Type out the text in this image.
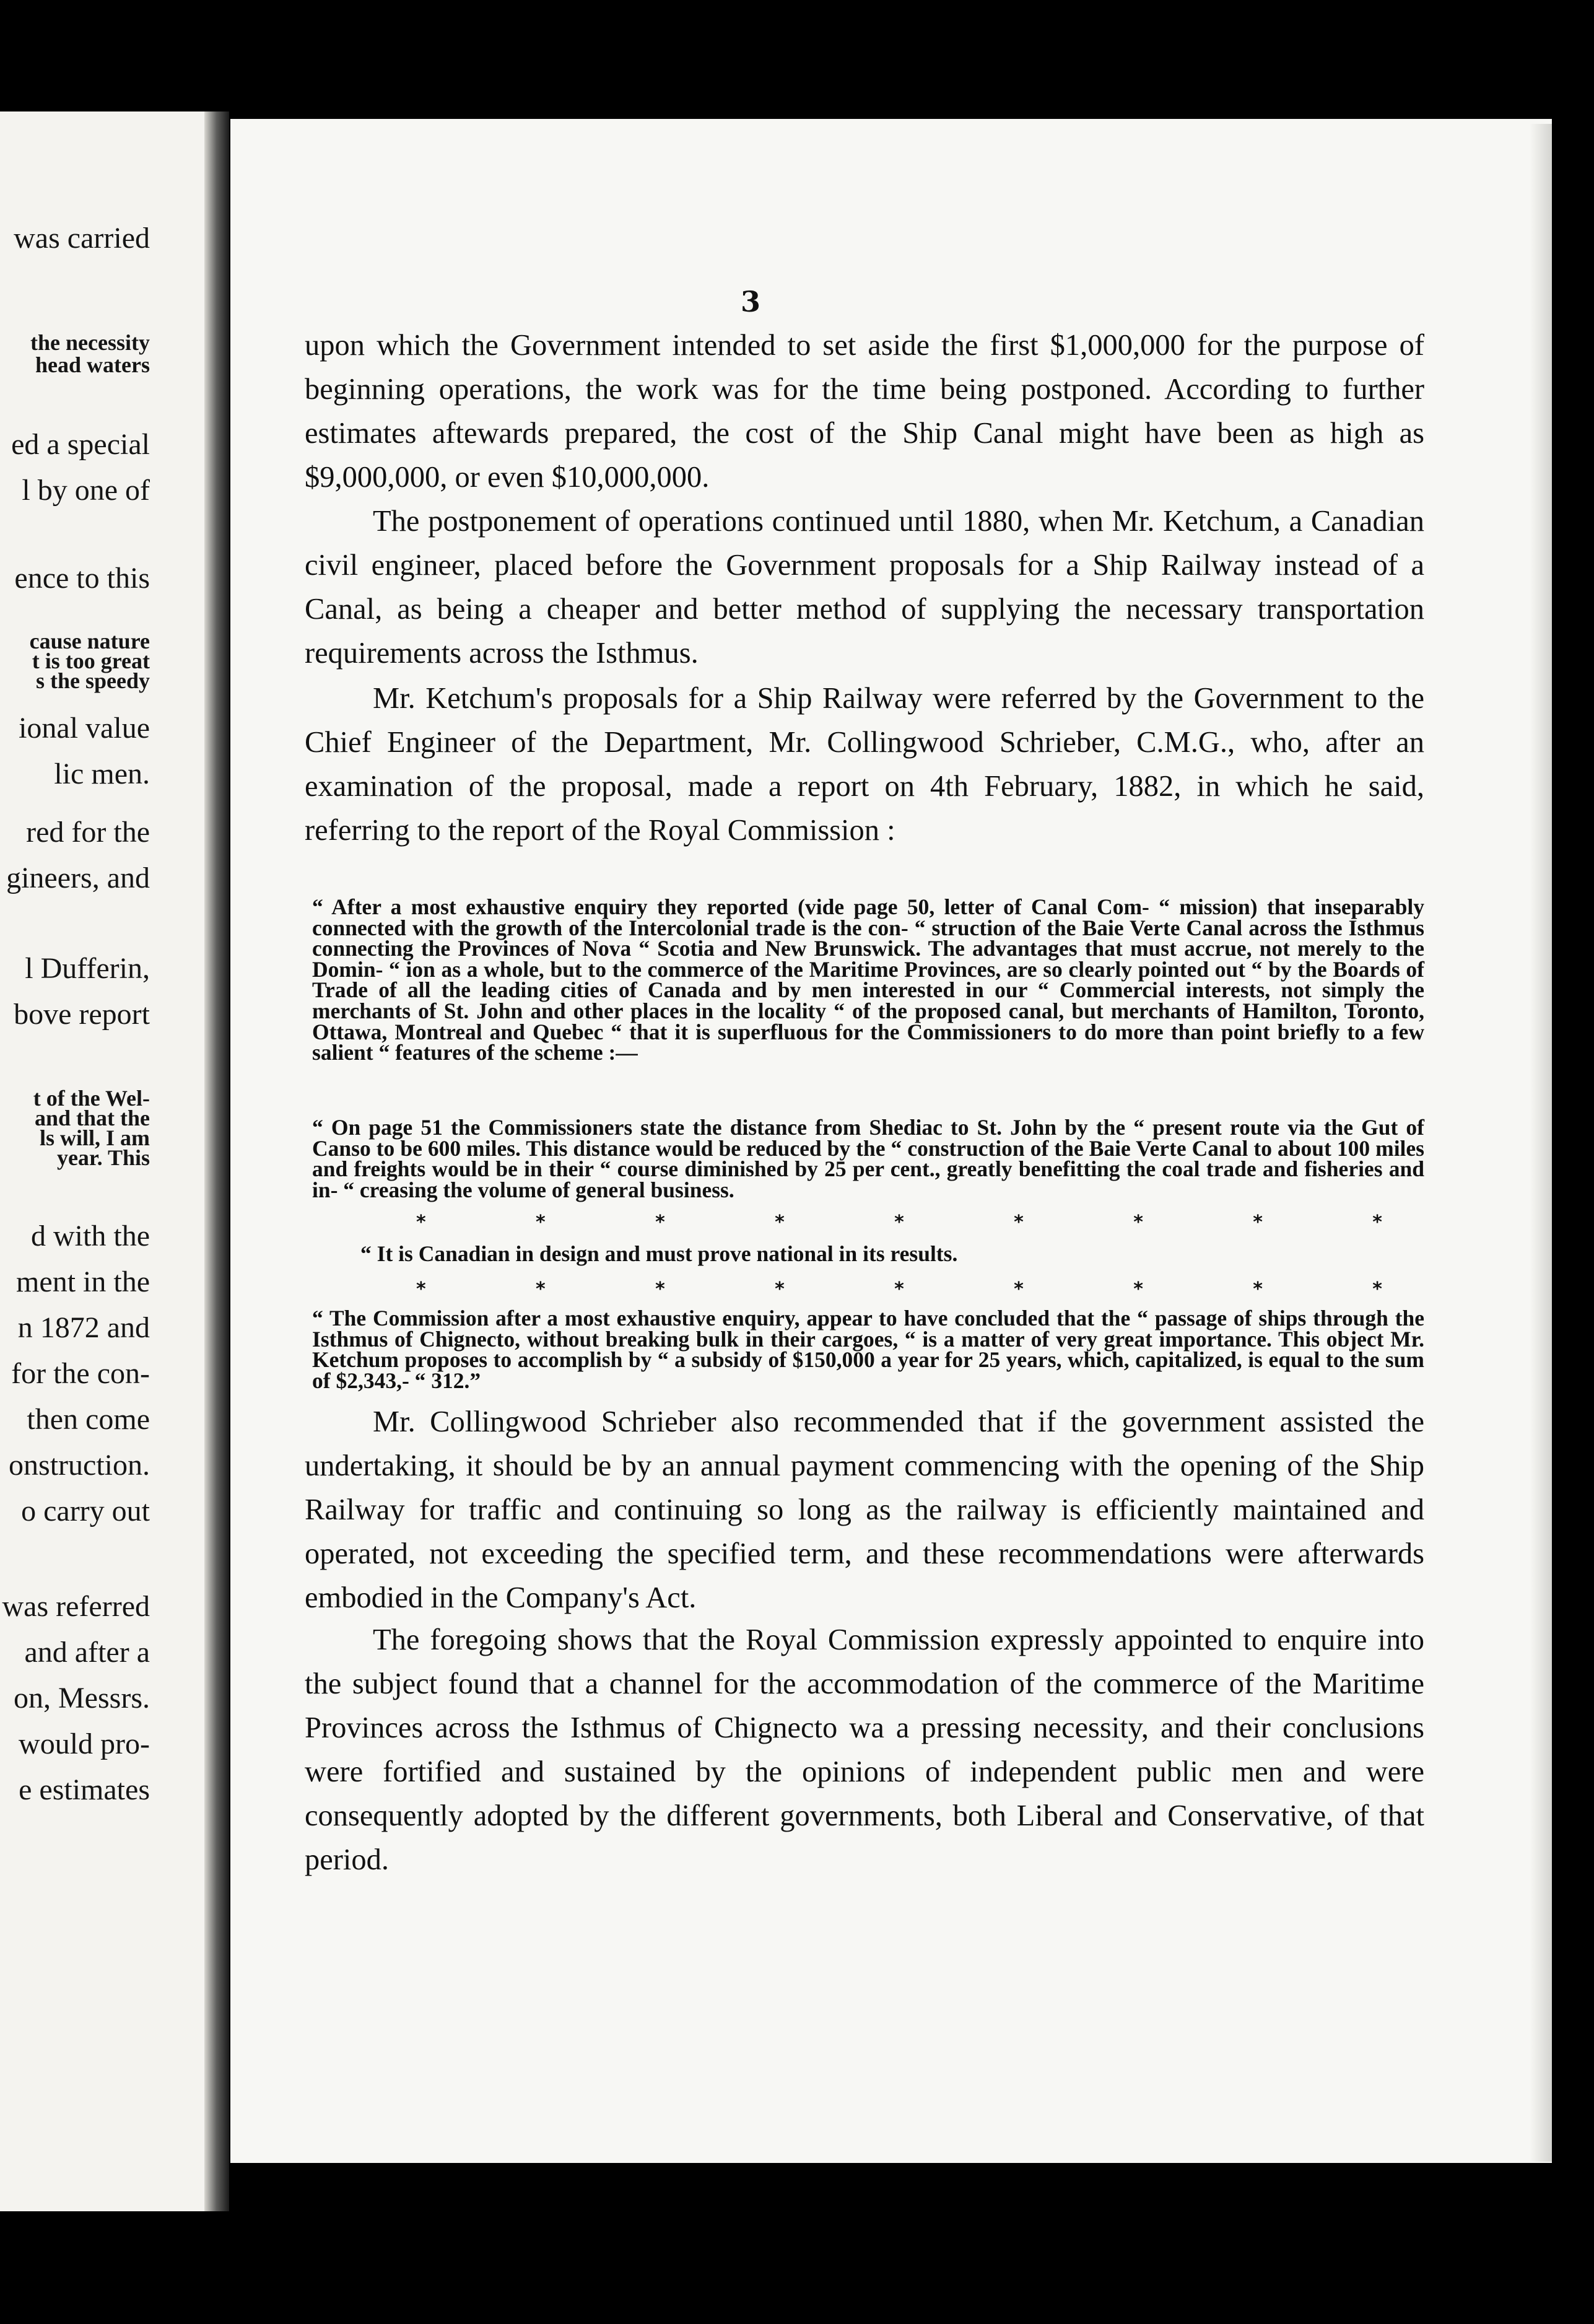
was carried
the necessity
head waters
ed a special
l by one of
ence to this
cause nature
t is too great
s the speedy
ional value
lic men.
red for the
gineers, and
l Dufferin,
bove report
t of the Wel-
and that the
ls will, I am
year. This
d with the
ment in the
n 1872 and
for the con-
then come
onstruction.
o carry out
was referred
and after a
on, Messrs.
would pro-
e estimates
3

upon which the Government intended to set aside the first $1,000,000 for the purpose of beginning operations, the work was for the time being postponed. According to further estimates aftewards prepared, the cost of the Ship Canal might have been as high as $9,000,000, or even $10,000,000.

The postponement of operations continued until 1880, when Mr. Ketchum, a Canadian civil engineer, placed before the Government proposals for a Ship Railway instead of a Canal, as being a cheaper and better method of supplying the necessary transportation requirements across the Isthmus.

Mr. Ketchum's proposals for a Ship Railway were referred by the Government to the Chief Engineer of the Department, Mr. Collingwood Schrieber, C.M.G., who, after an examination of the proposal, made a report on 4th February, 1882, in which he said, referring to the report of the Royal Commission :

“ After a most exhaustive enquiry they reported (vide page 50, letter of Canal Com- “ mission) that inseparably connected with the growth of the Intercolonial trade is the con- “ struction of the Baie Verte Canal across the Isthmus connecting the Provinces of Nova “ Scotia and New Brunswick. The advantages that must accrue, not merely to the Domin- “ ion as a whole, but to the commerce of the Maritime Provinces, are so clearly pointed out “ by the Boards of Trade of all the leading cities of Canada and by men interested in our “ Commercial interests, not simply the merchants of St. John and other places in the locality “ of the proposed canal, but merchants of Hamilton, Toronto, Ottawa, Montreal and Quebec “ that it is superfluous for the Commissioners to do more than point briefly to a few salient “ features of the scheme :—

“ On page 51 the Commissioners state the distance from Shediac to St. John by the “ present route via the Gut of Canso to be 600 miles. This distance would be reduced by the “ construction of the Baie Verte Canal to about 100 miles and freights would be in their “ course diminished by 25 per cent., greatly benefitting the coal trade and fisheries and in- “ creasing the volume of general business.

*	*	*	*	*	*	*	*	*

“ It is Canadian in design and must prove national in its results.

*	*	*	*	*	*	*	*	*

“ The Commission after a most exhaustive enquiry, appear to have concluded that the “ passage of ships through the Isthmus of Chignecto, without breaking bulk in their cargoes, “ is a matter of very great importance. This object Mr. Ketchum proposes to accomplish by “ a subsidy of $150,000 a year for 25 years, which, capitalized, is equal to the sum of $2,343,- “ 312.”

Mr. Collingwood Schrieber also recommended that if the government assisted the undertaking, it should be by an annual payment commencing with the opening of the Ship Railway for traffic and continuing so long as the railway is efficiently maintained and operated, not exceeding the specified term, and these recommendations were afterwards embodied in the Company's Act.

The foregoing shows that the Royal Commission expressly appointed to enquire into the subject found that a channel for the accommodation of the commerce of the Maritime Provinces across the Isthmus of Chignecto wa a pressing necessity, and their conclusions were fortified and sustained by the opinions of independent public men and were consequently adopted by the different governments, both Liberal and Conservative, of that period.
